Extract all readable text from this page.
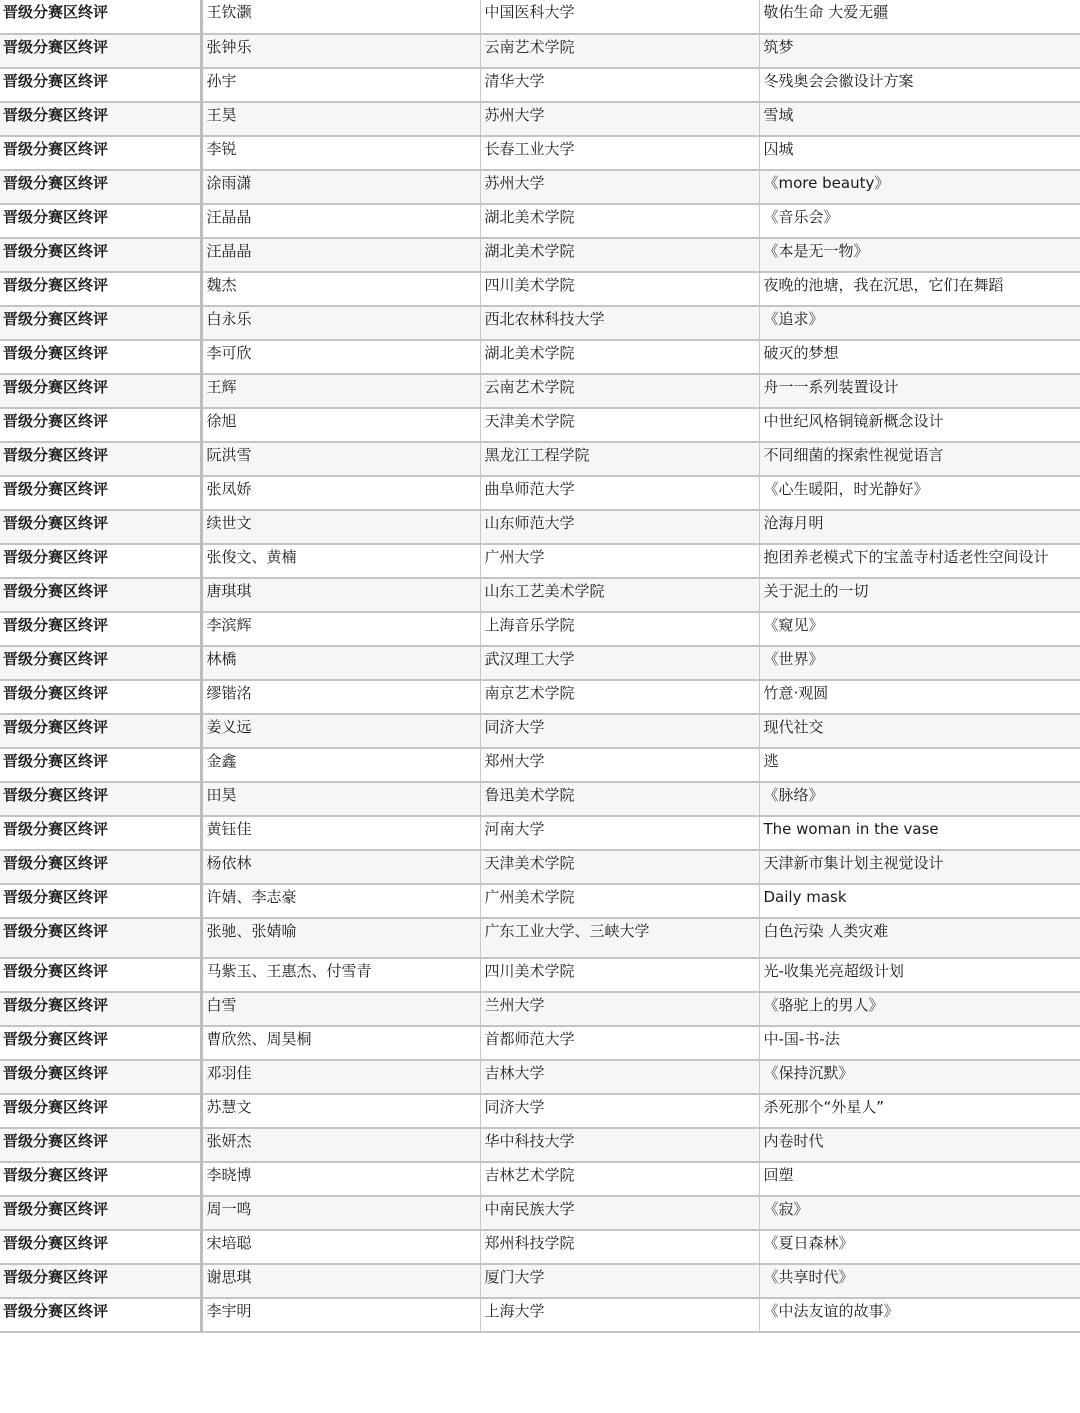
晋级分赛区终评	王钦灏	中国医科大学	敬佑生命 大爱无疆
晋级分赛区终评	张钟乐	云南艺术学院	筑梦
晋级分赛区终评	孙宇	清华大学	冬残奥会会徽设计方案
晋级分赛区终评	王昊	苏州大学	雪域
晋级分赛区终评	李锐	长春工业大学	囚城
晋级分赛区终评	涂雨潇	苏州大学	《more beauty》
晋级分赛区终评	汪晶晶	湖北美术学院	《音乐会》
晋级分赛区终评	汪晶晶	湖北美术学院	《本是无一物》
晋级分赛区终评	魏杰	四川美术学院	夜晚的池塘，我在沉思，它们在舞蹈
晋级分赛区终评	白永乐	西北农林科技大学	《追求》
晋级分赛区终评	李可欣	湖北美术学院	破灭的梦想
晋级分赛区终评	王辉	云南艺术学院	舟一一系列装置设计
晋级分赛区终评	徐旭	天津美术学院	中世纪风格铜镜新概念设计
晋级分赛区终评	阮洪雪	黑龙江工程学院	不同细菌的探索性视觉语言
晋级分赛区终评	张凤娇	曲阜师范大学	《心生暖阳，时光静好》
晋级分赛区终评	续世文	山东师范大学	沧海月明
晋级分赛区终评	张俊文、黄楠	广州大学	抱团养老模式下的宝盖寺村适老性空间设计
晋级分赛区终评	唐琪琪	山东工艺美术学院	关于泥土的一切
晋级分赛区终评	李滨辉	上海音乐学院	《窥见》
晋级分赛区终评	林橋	武汉理工大学	《世界》
晋级分赛区终评	缪锴洺	南京艺术学院	竹意·观圆
晋级分赛区终评	姜义远	同济大学	现代社交
晋级分赛区终评	金鑫	郑州大学	逃
晋级分赛区终评	田昊	鲁迅美术学院	《脉络》
晋级分赛区终评	黄钰佳	河南大学	The woman in the vase
晋级分赛区终评	杨依林	天津美术学院	天津新市集计划主视觉设计
晋级分赛区终评	许婧、李志豪	广州美术学院	Daily mask
晋级分赛区终评	张驰、张婧喻	广东工业大学、三峡大学	白色污染 人类灾难
晋级分赛区终评	马紫玉、王惠杰、付雪青	四川美术学院	光-收集光亮超级计划
晋级分赛区终评	白雪	兰州大学	《骆驼上的男人》
晋级分赛区终评	曹欣然、周昊桐	首都师范大学	中-国-书-法
晋级分赛区终评	邓羽佳	吉林大学	《保持沉默》
晋级分赛区终评	苏慧文	同济大学	杀死那个“外星人”
晋级分赛区终评	张妍杰	华中科技大学	内卷时代
晋级分赛区终评	李晓博	吉林艺术学院	回塑
晋级分赛区终评	周一鸣	中南民族大学	《寂》
晋级分赛区终评	宋培聪	郑州科技学院	《夏日森林》
晋级分赛区终评	谢思琪	厦门大学	《共享时代》
晋级分赛区终评	李宇明	上海大学	《中法友谊的故事》
